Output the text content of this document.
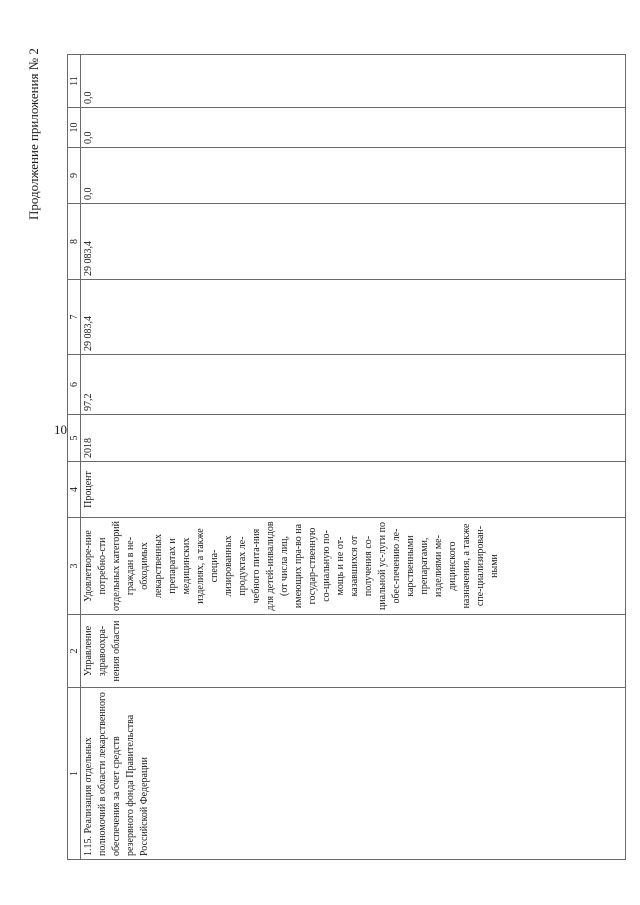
10
Продолжение приложения № 2
1	2	3	4	5	6	7	8	9	10	11
1.15. Реализация отдельных полномочий в области лекарственного обеспечения за счет средств резервного фонда Правительства Российской Федерации	Управление здравоохра-нения области	Удовлетворе-ние потребно-сти отдельных категорий граждан в не-обходимых лекарственных препаратах и медицинских изделиях, а также специа-лизированных продуктах ле-чебного пита-ния для детей-инвалидов (от числа лиц, имеющих пра-во на государ-ственную со-циальную по-мощь и не от-казавшихся от получения со-циальной ус-луги по обес-печению ле-карственными препаратами, изделиями ме-дицинского назначения, а также спе-циализирован-ными	Процент	2018	97,2	29 083,4	29 083,4	0,0	0,0	0,0
